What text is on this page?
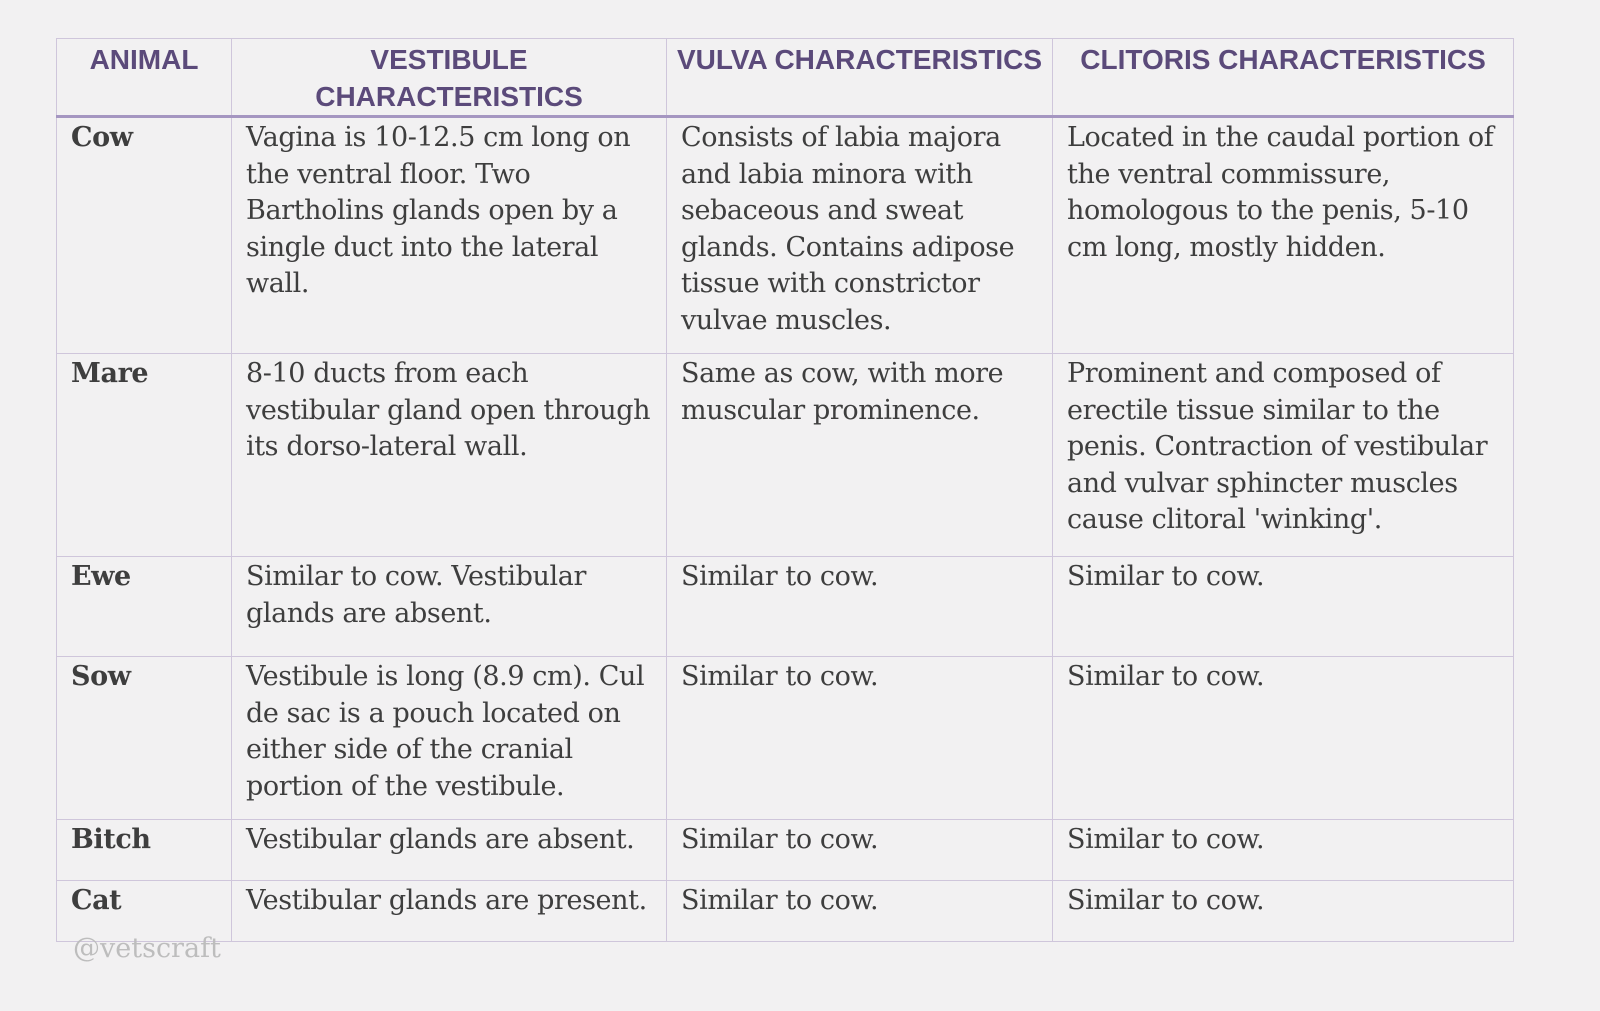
ANIMAL	VESTIBULE CHARACTERISTICS	VULVA CHARACTERISTICS	CLITORIS CHARACTERISTICS
Cow	Vagina is 10-12.5 cm long on the ventral floor. Two Bartholins glands open by a single duct into the lateral wall.	Consists of labia majora and labia minora with sebaceous and sweat glands. Contains adipose tissue with constrictor vulvae muscles.	Located in the caudal portion of the ventral commissure, homologous to the penis, 5-10 cm long, mostly hidden.
Mare	8-10 ducts from each vestibular gland open through its dorso-lateral wall.	Same as cow, with more muscular prominence.	Prominent and composed of erectile tissue similar to the penis. Contraction of vestibular and vulvar sphincter muscles cause clitoral 'winking'.
Ewe	Similar to cow. Vestibular glands are absent.	Similar to cow.	Similar to cow.
Sow	Vestibule is long (8.9 cm). Cul de sac is a pouch located on either side of the cranial portion of the vestibule.	Similar to cow.	Similar to cow.
Bitch	Vestibular glands are absent.	Similar to cow.	Similar to cow.
Cat	Vestibular glands are present.	Similar to cow.	Similar to cow.
@vetscraft
